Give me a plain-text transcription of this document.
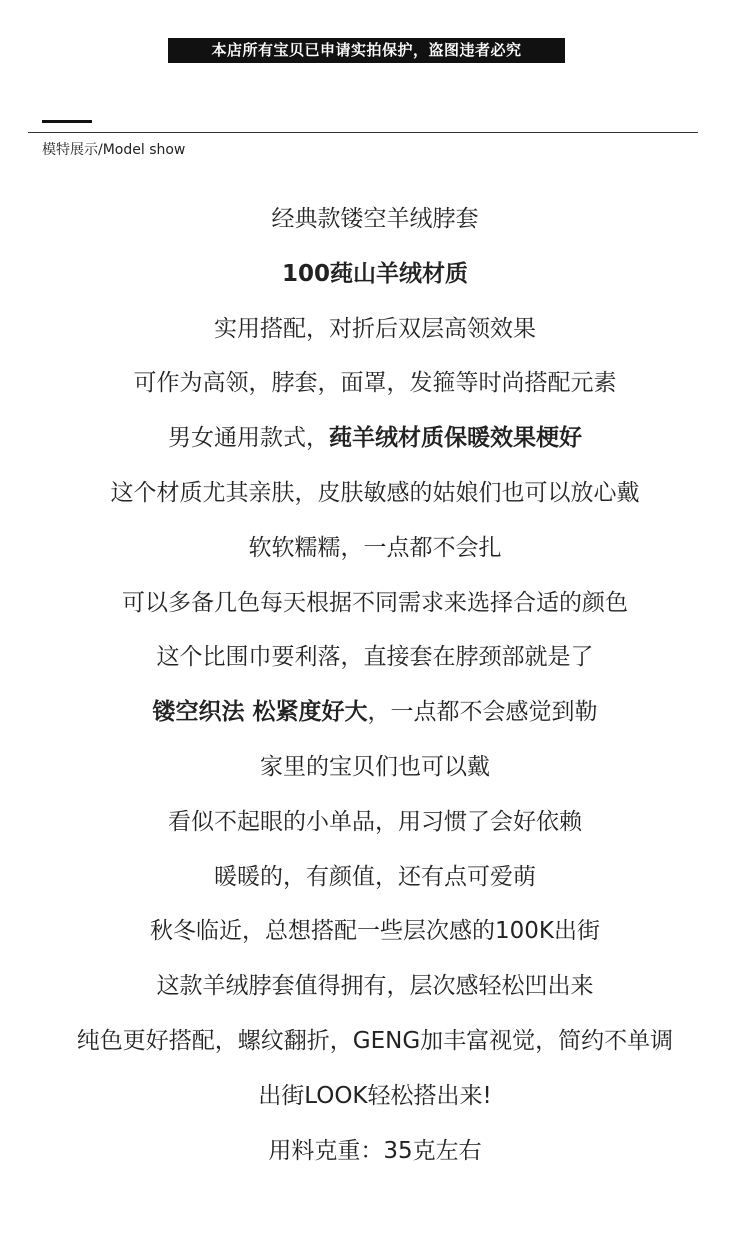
本店所有宝贝已申请实拍保护，盗图违者必究
模特展示/Model show
经典款镂空羊绒脖套
100莼山羊绒材质
实用搭配，对折后双层高领效果
可作为高领，脖套，面罩，发箍等时尚搭配元素
男女通用款式，莼羊绒材质保暖效果梗好
这个材质尤其亲肤，皮肤敏感的姑娘们也可以放心戴
软软糯糯，一点都不会扎
可以多备几色每天根据不同需求来选择合适的颜色
这个比围巾要利落，直接套在脖颈部就是了
镂空织法 松紧度好大，一点都不会感觉到勒
家里的宝贝们也可以戴
看似不起眼的小单品，用习惯了会好依赖
暖暖的，有颜值，还有点可爱萌
秋冬临近，总想搭配一些层次感的100K出街
这款羊绒脖套值得拥有，层次感轻松凹出来
纯色更好搭配，螺纹翻折，GENG加丰富视觉，简约不单调
出街LOOK轻松搭出来!
用料克重：35克左右
